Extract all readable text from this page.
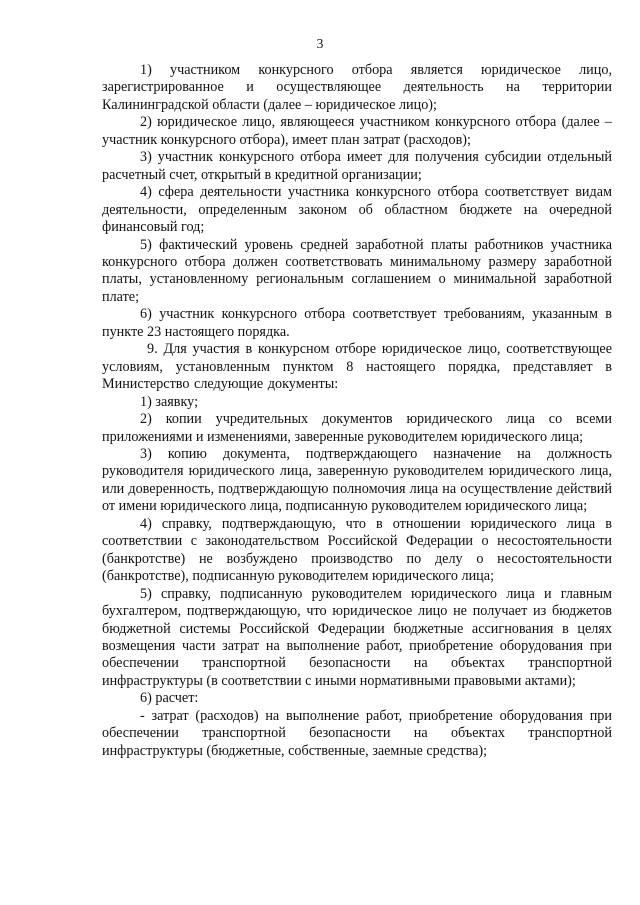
3

1) участником конкурсного отбора является юридическое лицо, зарегистрированное и осуществляющее деятельность на территории Калининградской области (далее – юридическое лицо);

2) юридическое лицо, являющееся участником конкурсного отбора (далее – участник конкурсного отбора), имеет план затрат (расходов);

3) участник конкурсного отбора имеет для получения субсидии отдельный расчетный счет, открытый в кредитной организации;

4) сфера деятельности участника конкурсного отбора соответствует видам деятельности, определенным законом об областном бюджете на очередной финансовый год;

5) фактический уровень средней заработной платы работников участника конкурсного отбора должен соответствовать минимальному размеру заработной платы, установленному региональным соглашением о минимальной заработной плате;

6) участник конкурсного отбора соответствует требованиям, указанным в пункте 23 настоящего порядка.

9. Для участия в конкурсном отборе юридическое лицо, соответствующее условиям, установленным пунктом 8 настоящего порядка, представляет в Министерство следующие документы:

1) заявку;

2) копии учредительных документов юридического лица со всеми приложениями и изменениями, заверенные руководителем юридического лица;

3) копию документа, подтверждающего назначение на должность руководителя юридического лица, заверенную руководителем юридического лица, или доверенность, подтверждающую полномочия лица на осуществление действий от имени юридического лица, подписанную руководителем юридического лица;

4) справку, подтверждающую, что в отношении юридического лица в соответствии с законодательством Российской Федерации о несостоятельности (банкротстве) не возбуждено производство по делу о несостоятельности (банкротстве), подписанную руководителем юридического лица;

5) справку, подписанную руководителем юридического лица и главным бухгалтером, подтверждающую, что юридическое лицо не получает из бюджетов бюджетной системы Российской Федерации бюджетные ассигнования в целях возмещения части затрат на выполнение работ, приобретение оборудования при обеспечении транспортной безопасности на объектах транспортной инфраструктуры (в соответствии с иными нормативными правовыми актами);

6) расчет:

- затрат (расходов) на выполнение работ, приобретение оборудования при обеспечении транспортной безопасности на объектах транспортной инфраструктуры (бюджетные, собственные, заемные средства);
